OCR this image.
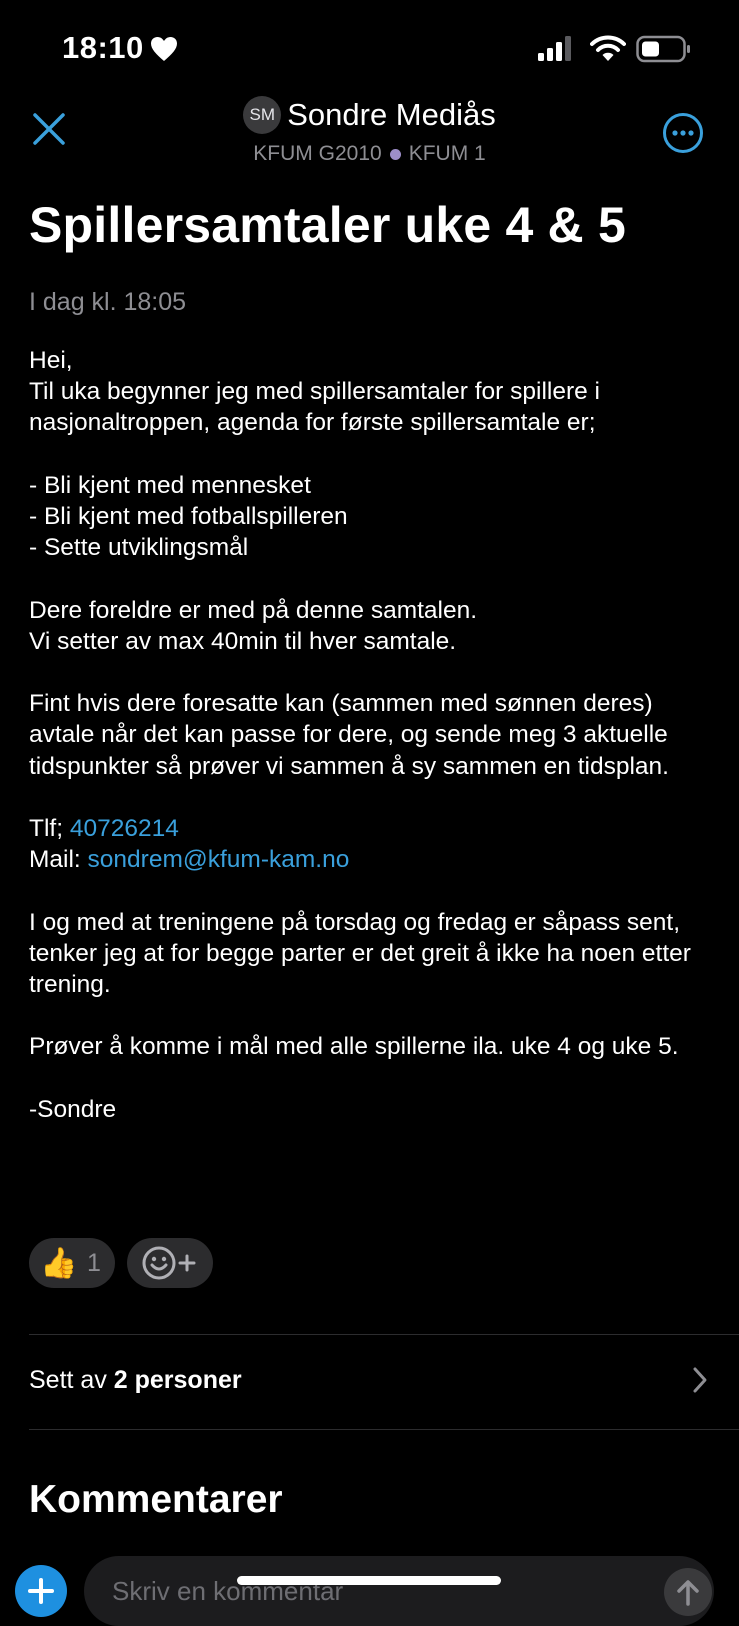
18:10
SM Sondre Mediås

KFUM G2010 KFUM 1
Spillersamtaler uke 4 & 5
I dag kl. 18:05

Hei,

Til uka begynner jeg med spillersamtaler for spillere i nasjonaltroppen, agenda for første spillersamtale er;

- Bli kjent med mennesket

- Bli kjent med fotballspilleren

- Sette utviklingsmål

Dere foreldre er med på denne samtalen.

Vi setter av max 40min til hver samtale.

Fint hvis dere foresatte kan (sammen med sønnen deres) avtale når det kan passe for dere, og sende meg 3 aktuelle tidspunkter så prøver vi sammen å sy sammen en tidsplan.

Tlf; 40726214

Mail: sondrem@kfum-kam.no

I og med at treningene på torsdag og fredag er såpass sent, tenker jeg at for begge parter er det greit å ikke ha noen etter trening.

Prøver å komme i mål med alle spillerne ila. uke 4 og uke 5.

-Sondre

👍 1
Sett av 2 personer
Kommentarer
Skriv en kommentar
